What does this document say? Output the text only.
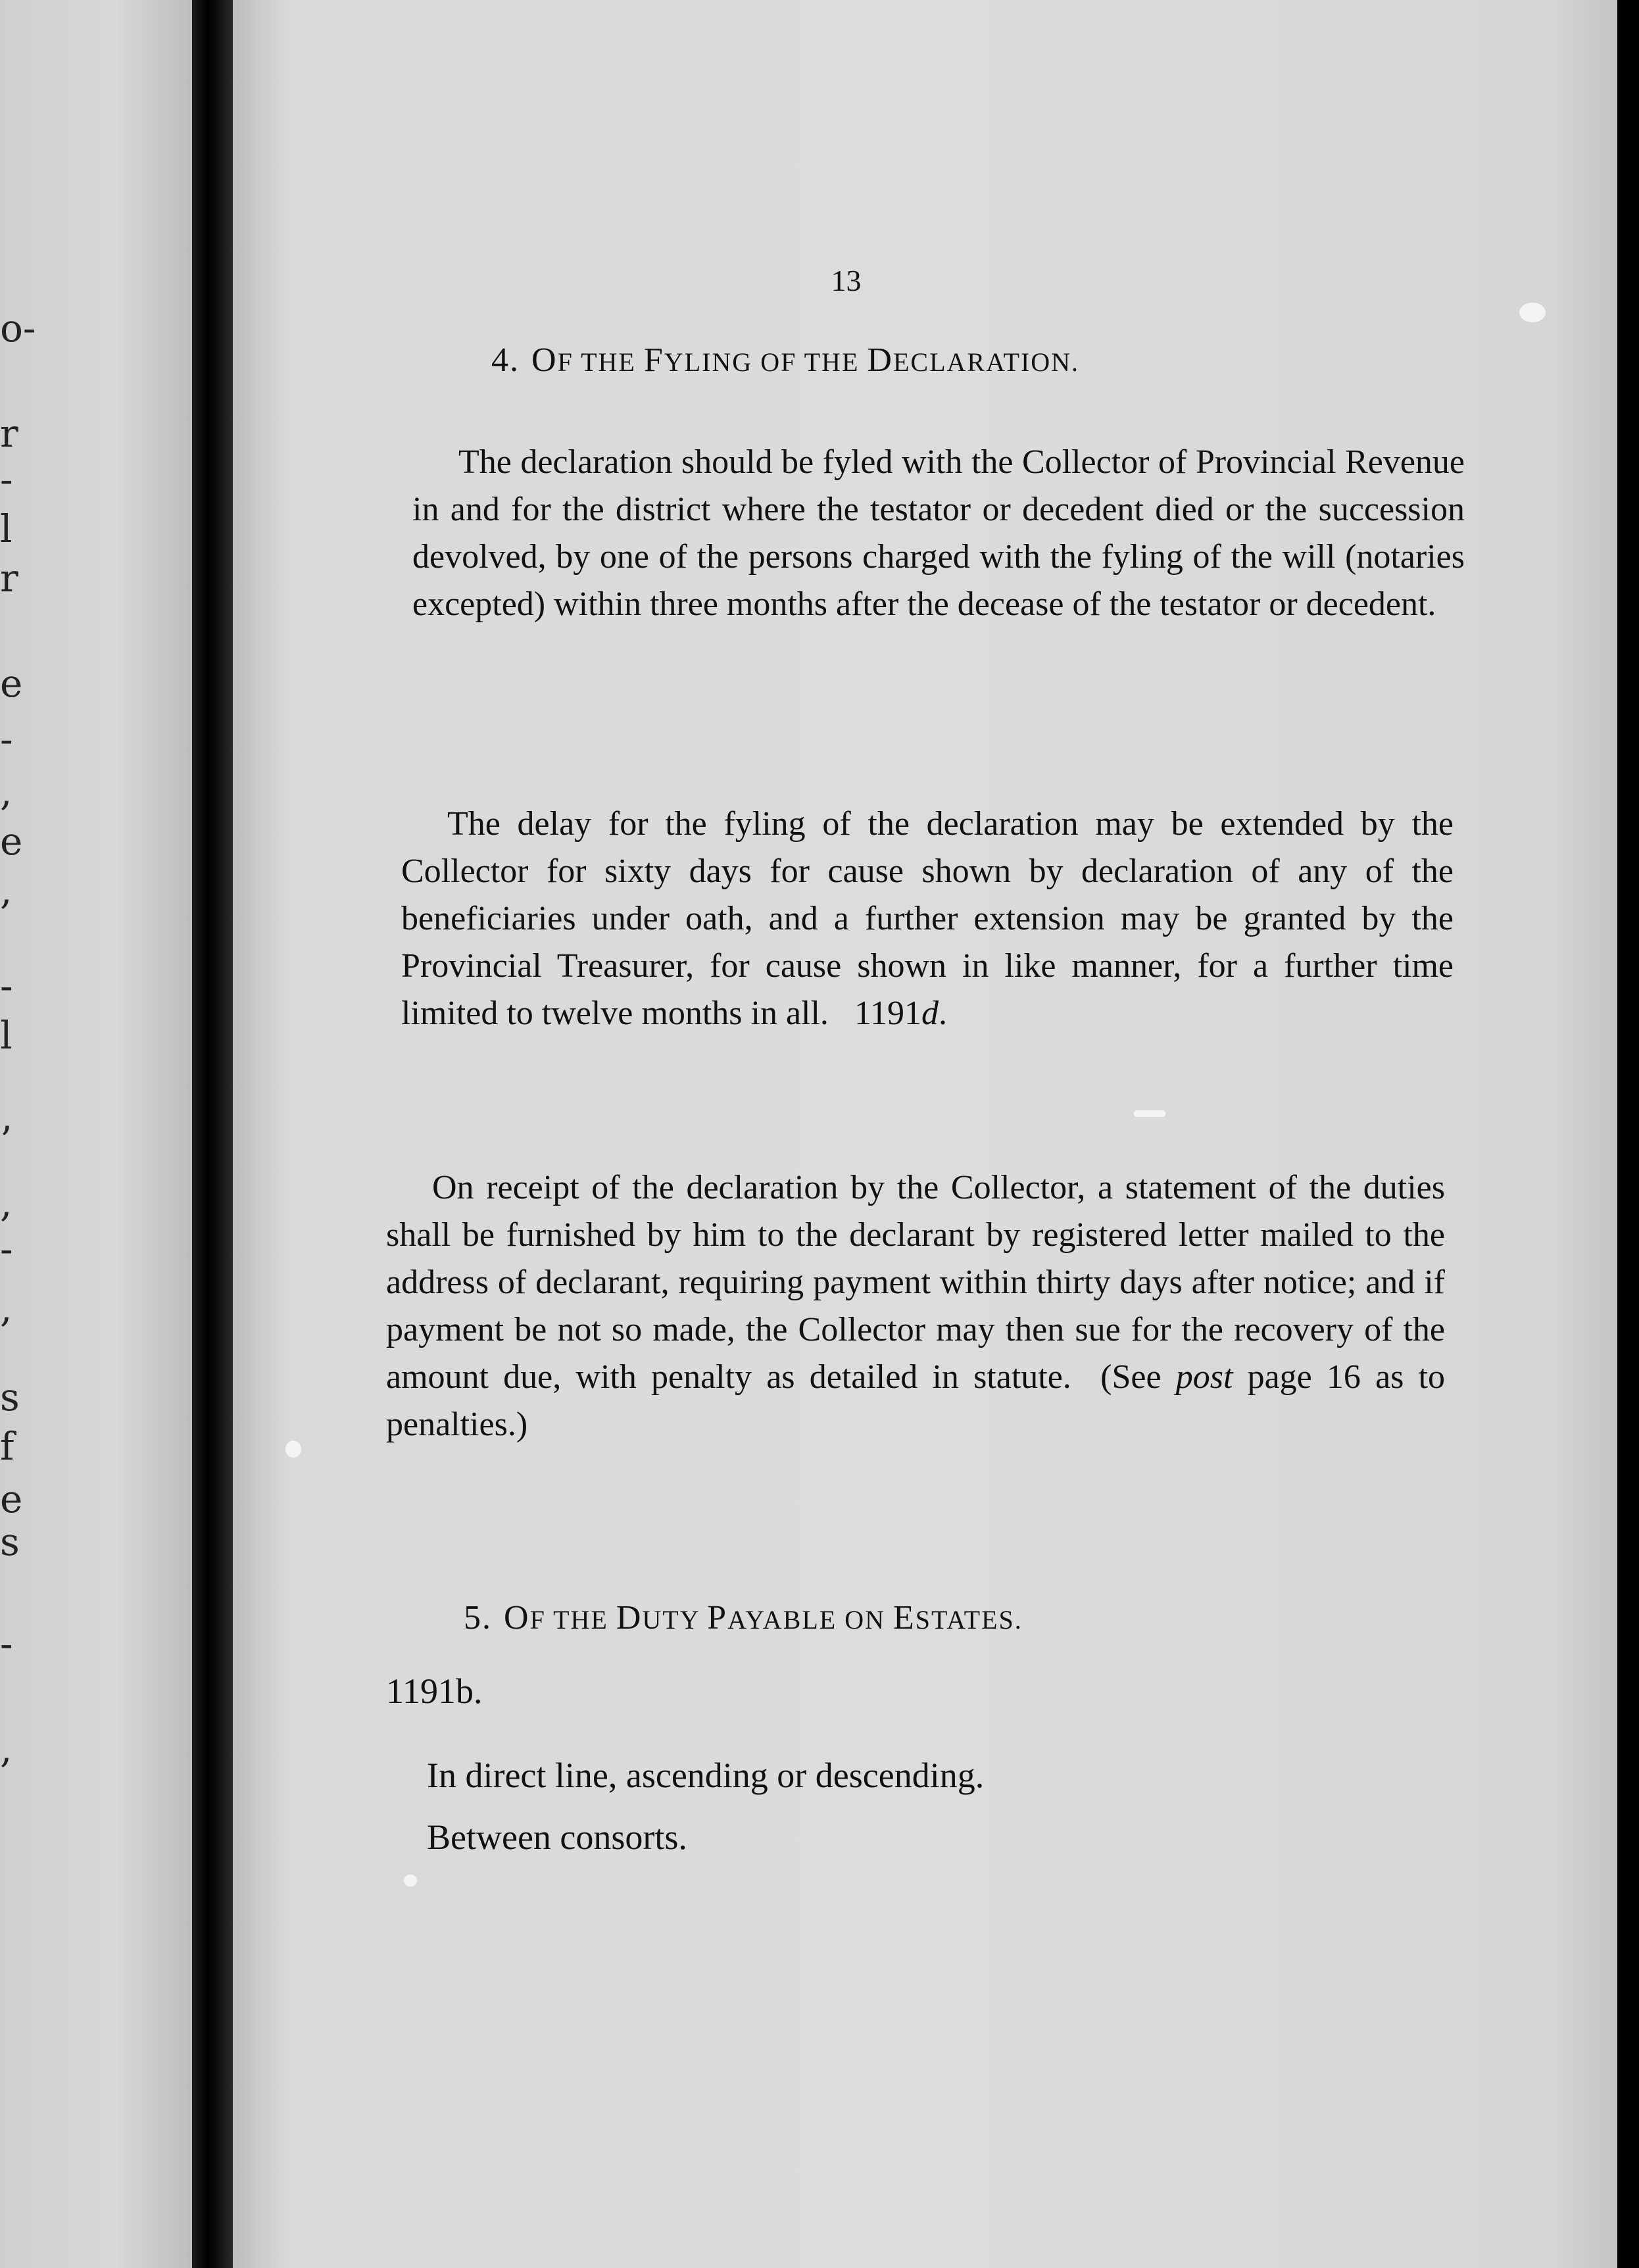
o-
r
-
l
r
e
-
,
e
,
-
l
’
,
-
,
s
f
e
s
-
,
13
4. OF THE FYLING OF THE DECLARATION.

The declaration should be fyled with the Collector of Provincial Revenue in and for the district where the testator or decedent died or the succession devolved, by one of the persons charged with the fyling of the will (notaries excepted) within three months after the decease of the testator or decedent.

The delay for the fyling of the declaration may be extended by the Collector for sixty days for cause shown by declaration of any of the beneficiaries under oath, and a further extension may be granted by the Provincial Treasurer, for cause shown in like manner, for a further time limited to twelve months in all. 1191d.

On receipt of the declaration by the Collector, a statement of the duties shall be furnished by him to the declarant by registered letter mailed to the address of declarant, requiring payment within thirty days after notice; and if payment be not so made, the Collector may then sue for the recovery of the amount due, with penalty as detailed in statute. (See post page 16 as to penalties.)

5. OF THE DUTY PAYABLE ON ESTATES.
1191b.
In direct line, ascending or descending.
Between consorts.
